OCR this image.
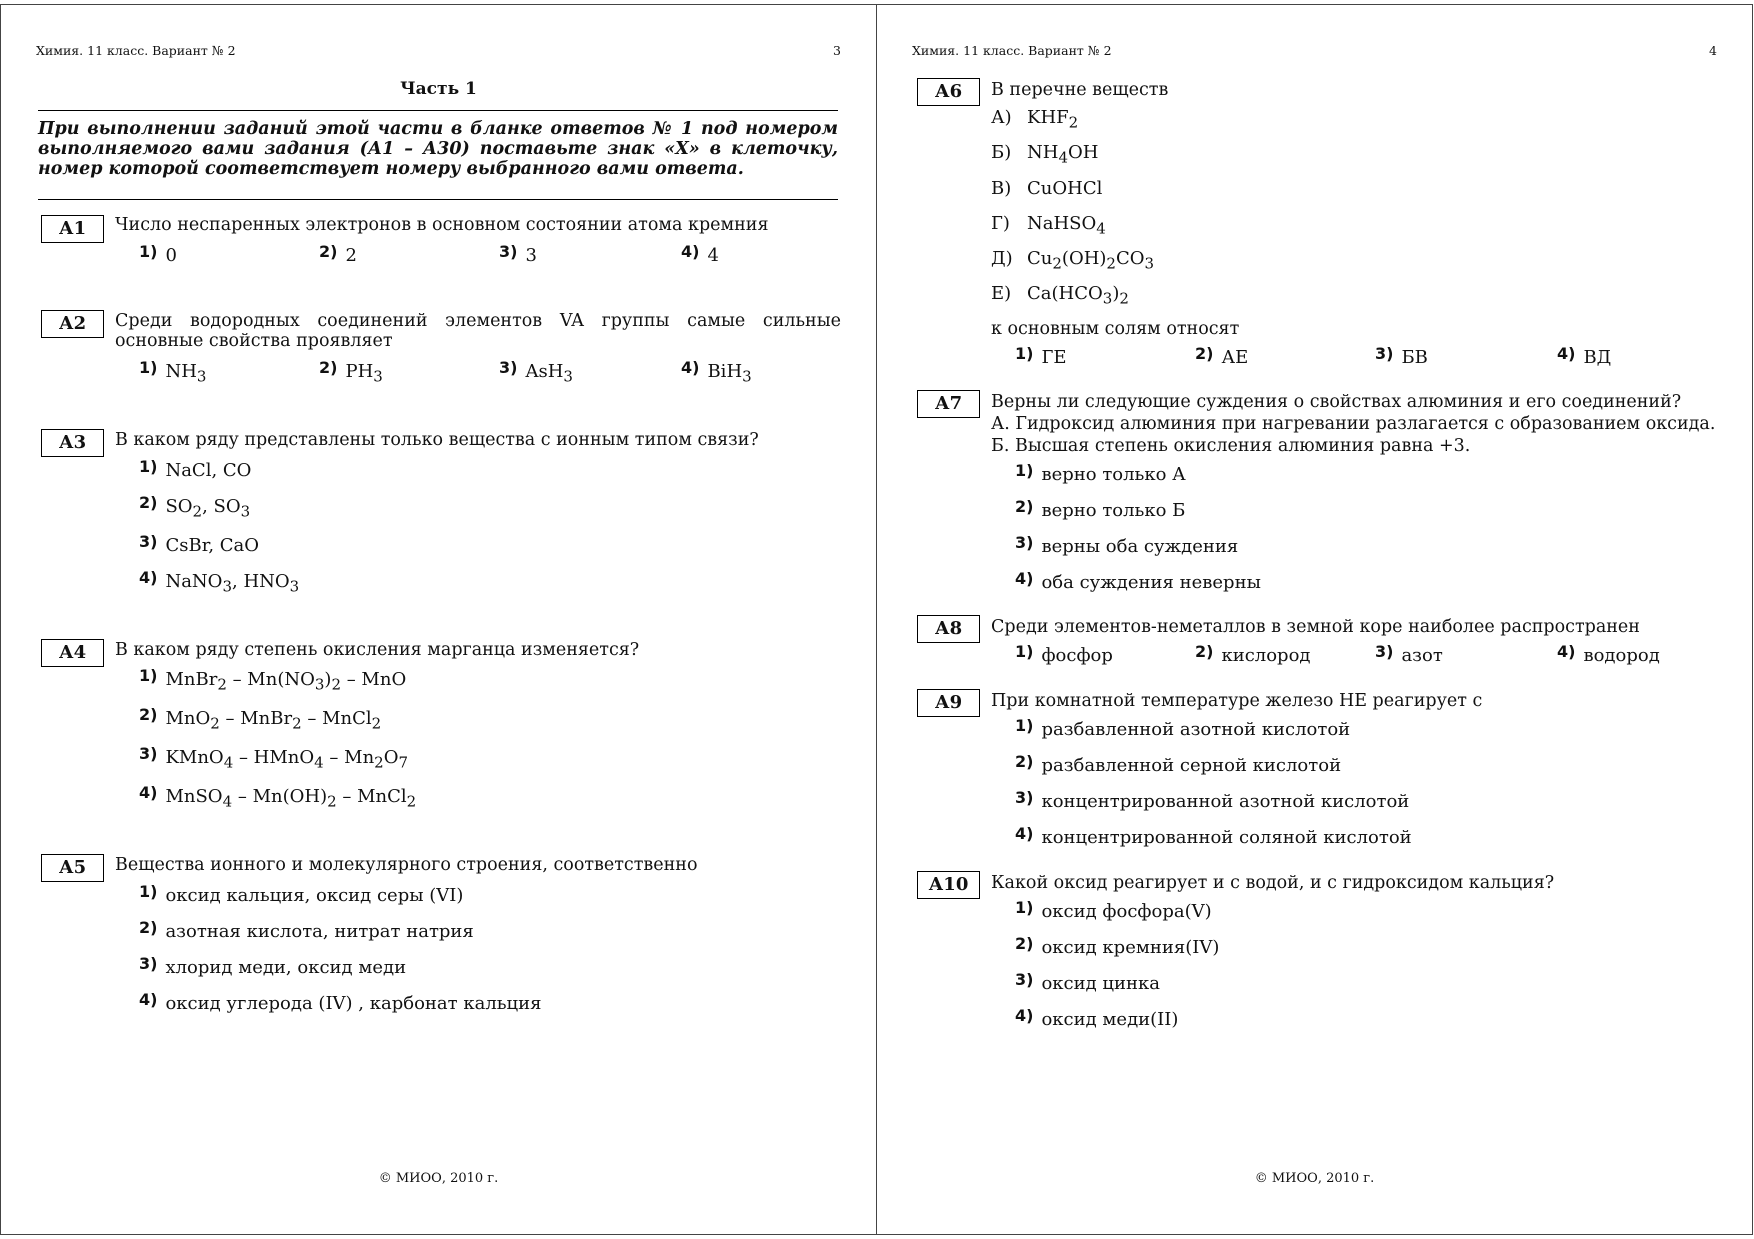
Химия. 11 класс. Вариант № 2	3
Часть 1
При выполнении заданий этой части в бланке ответов № 1 под номером выполняемого вами задания (А1 – А30) поставьте знак «X» в клеточку, номер которой соответствует номеру выбранного вами ответа.
А1	Число неспаренных электронов в основном состоянии атома кремния
1) 0	2) 2	3) 3	4) 4
А2	Среди водородных соединений элементов VA группы самые сильные основные свойства проявляет
1) $NH_3$	2) $PH_3$	3) AsH$_3$	4) BiH$_3$
А3	В каком ряду представлены только вещества с ионным типом связи?
1) NaCl, CO
2) $SO_2$, $SO_3$
3) CsBr, CaO
4) NaNO$_3$, $HNO_3$
А4	В каком ряду степень окисления марганца изменяется?
1) MnBr$_2$ – $Mn(NO_3)_2$ – MnO
2) MnO$_2$ – MnBr$_2$ – MnCl$_2$
3) KMnO$_4$ – HMnO$_4$ – $Mn_2O_7$
4) MnSO$_4$ – $Mn(OH)_2$ – MnCl$_2$
А5	Вещества ионного и молекулярного строения, соответственно
1) оксид кальция, оксид серы (VI)
2) азотная кислота, нитрат натрия
3) хлорид меди, оксид меди
4) оксид углерода (IV) , карбонат кальция
© МИОО, 2010 г.
Химия. 11 класс. Вариант № 2	4
А6	В перечне веществ
А) $KHF_2$
Б) $NH_4OH$
В) CuOHCl
Г) NaHSO$_4$
Д) $Cu_2(OH)_2CO_3$
Е) $Ca(HCO_3)_2$
к основным солям относят
1) ГЕ	2) АЕ	3) БВ	4) ВД
А7	Верны ли следующие суждения о свойствах алюминия и его соединений?
А. Гидроксид алюминия при нагревании разлагается с образованием оксида.
Б. Высшая степень окисления алюминия равна +3.
1) верно только А
2) верно только Б
3) верны оба суждения
4) оба суждения неверны
А8	Среди элементов-неметаллов в земной коре наиболее распространен
1) фосфор	2) кислород	3) азот	4) водород
А9	При комнатной температуре железо НЕ реагирует с
1) разбавленной азотной кислотой
2) разбавленной серной кислотой
3) концентрированной азотной кислотой
4) концентрированной соляной кислотой
А10	Какой оксид реагирует и с водой, и с гидроксидом кальция?
1) оксид фосфора(V)
2) оксид кремния(IV)
3) оксид цинка
4) оксид меди(II)
© МИОО, 2010 г.
